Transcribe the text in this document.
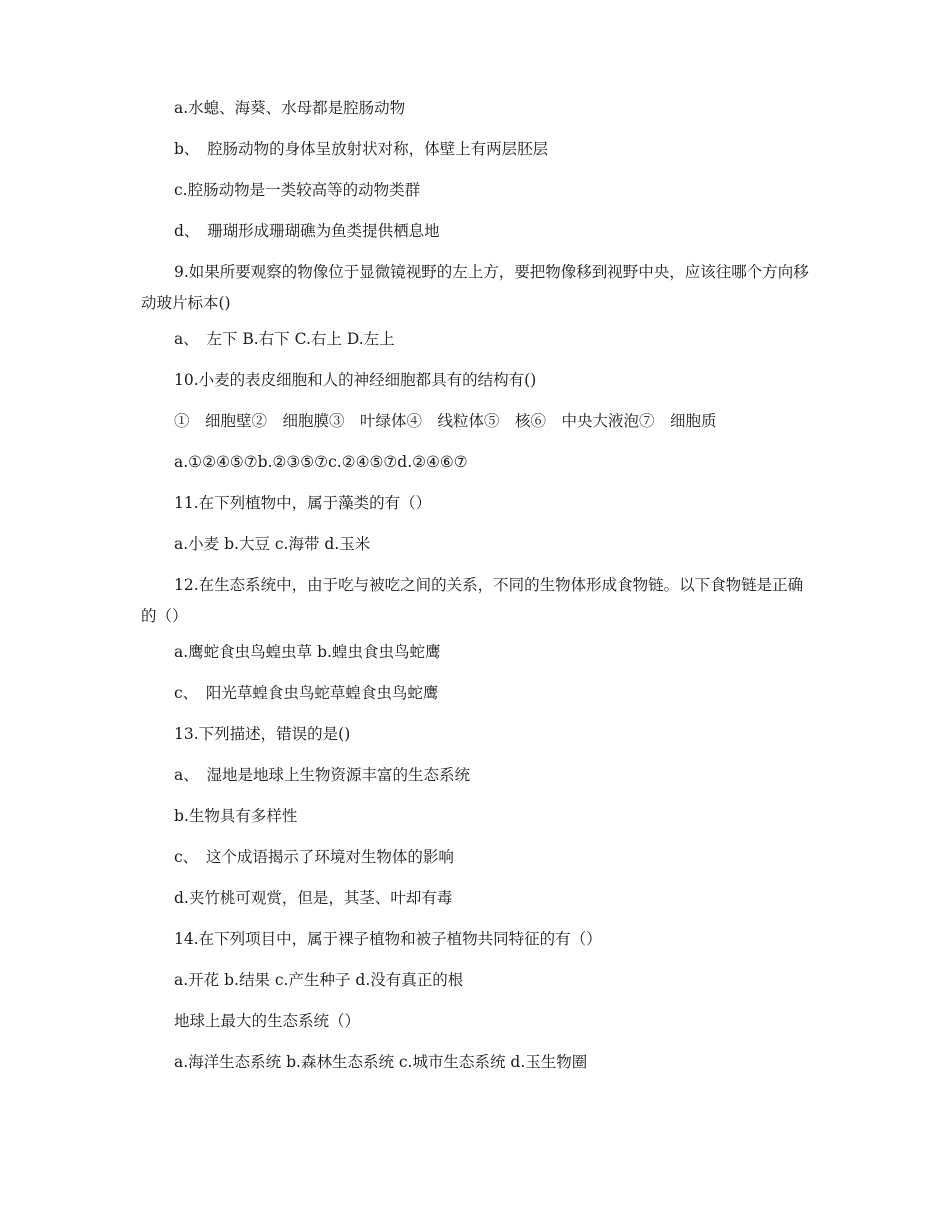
a.水螅、海葵、水母都是腔肠动物
b、　腔肠动物的身体呈放射状对称，体壁上有两层胚层
c.腔肠动物是一类较高等的动物类群
d、　珊瑚形成珊瑚礁为鱼类提供栖息地
9.如果所要观察的物像位于显微镜视野的左上方，要把物像移到视野中央，应该往哪个方向移动玻片标本()
a、　左下 B.右下 C.右上 D.左上
10.小麦的表皮细胞和人的神经细胞都具有的结构有()
①　细胞壁②　细胞膜③　叶绿体④　线粒体⑤　核⑥　中央大液泡⑦　细胞质
a.①②④⑤⑦b.②③⑤⑦c.②④⑤⑦d.②④⑥⑦
11.在下列植物中，属于藻类的有（）
a.小麦 b.大豆 c.海带 d.玉米
12.在生态系统中，由于吃与被吃之间的关系，不同的生物体形成食物链。以下食物链是正确的（）
a.鹰蛇食虫鸟蝗虫草 b.蝗虫食虫鸟蛇鹰
c、　阳光草蝗食虫鸟蛇草蝗食虫鸟蛇鹰
13.下列描述，错误的是()
a、　湿地是地球上生物资源丰富的生态系统
b.生物具有多样性
c、　这个成语揭示了环境对生物体的影响
d.夹竹桃可观赏，但是，其茎、叶却有毒
14.在下列项目中，属于裸子植物和被子植物共同特征的有（）
a.开花 b.结果 c.产生种子 d.没有真正的根
地球上最大的生态系统（）
a.海洋生态系统 b.森林生态系统 c.城市生态系统 d.玉生物圈
